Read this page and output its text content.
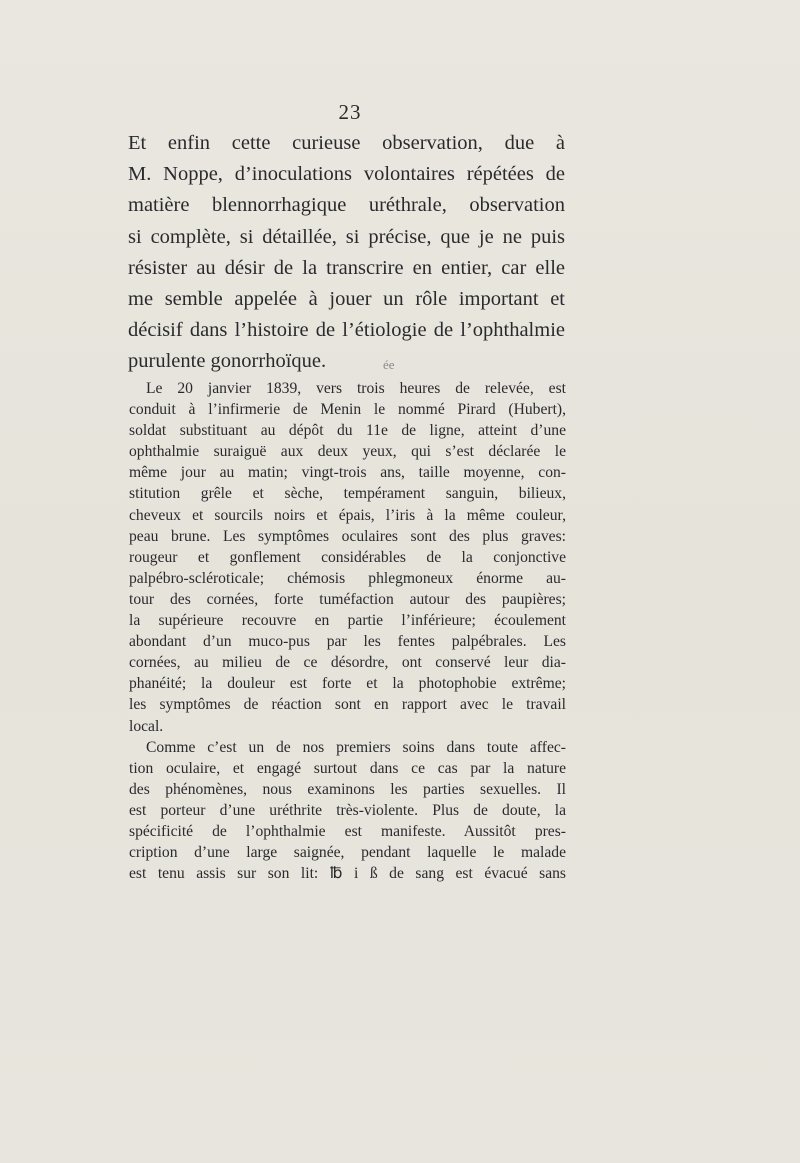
23
Et enfin cette curieuse observation, due à
M. Noppe, d’inoculations volontaires répétées de
matière blennorrhagique uréthrale, observation
si complète, si détaillée, si précise, que je ne puis
résister au désir de la transcrire en entier, car elle
me semble appelée à jouer un rôle important et
décisif dans l’histoire de l’étiologie de l’ophthalmie
purulente gonorrhoïque.	ée
Le 20 janvier 1839, vers trois heures de relevée, est
conduit à l’infirmerie de Menin le nommé Pirard (Hubert),
soldat substituant au dépôt du 11e de ligne, atteint d’une
ophthalmie suraiguë aux deux yeux, qui s’est déclarée le
même jour au matin; vingt-trois ans, taille moyenne, con-
stitution grêle et sèche, tempérament sanguin, bilieux,
cheveux et sourcils noirs et épais, l’iris à la même couleur,
peau brune. Les symptômes oculaires sont des plus graves:
rougeur et gonflement considérables de la conjonctive
palpébro-scléroticale; chémosis phlegmoneux énorme au-
tour des cornées, forte tuméfaction autour des paupières;
la supérieure recouvre en partie l’inférieure; écoulement
abondant d’un muco-pus par les fentes palpébrales. Les
cornées, au milieu de ce désordre, ont conservé leur dia-
phanéité; la douleur est forte et la photophobie extrême;
les symptômes de réaction sont en rapport avec le travail
local.
Comme c’est un de nos premiers soins dans toute affec-
tion oculaire, et engagé surtout dans ce cas par la nature
des phénomènes, nous examinons les parties sexuelles. Il
est porteur d’une uréthrite très-violente. Plus de doute, la
spécificité de l’ophthalmie est manifeste. Aussitôt pres-
cription d’une large saignée, pendant laquelle le malade
est tenu assis sur son lit: ℔ i ß de sang est évacué sans
